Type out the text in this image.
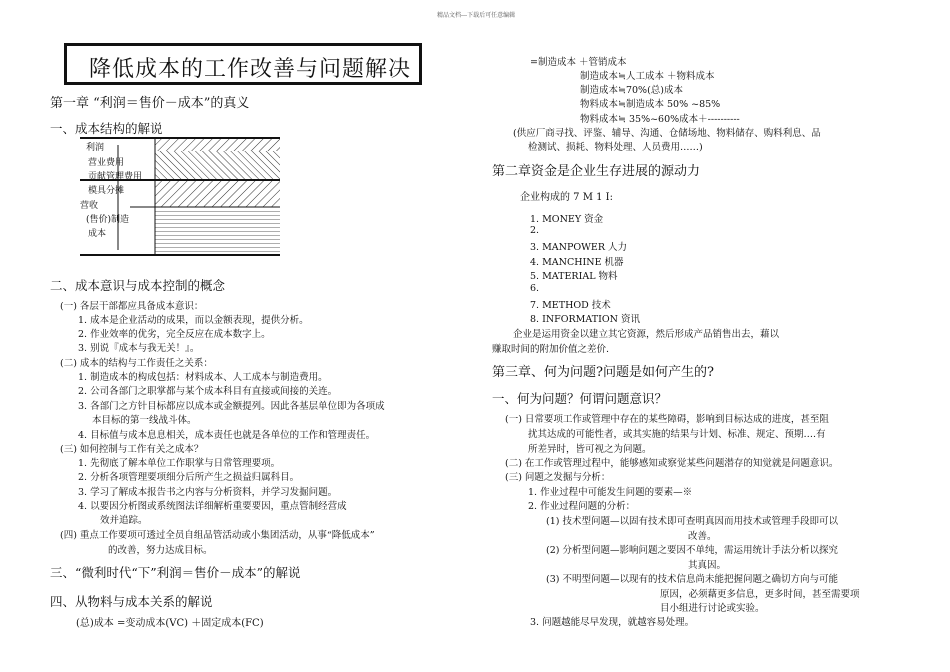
精品文档---下载后可任意编辑
降低成本的工作改善与问题解决
第一章 “利润＝售价－成本”的真义
一、成本结构的解说
利润
营业费用
贡献管理费用
模具分摊
营收
(售价)制造
成本
二、成本意识与成本控制的概念
(一) 各层干部都应具备成本意识：
1. 成本是企业活动的成果，而以金额表现，提供分析。
2. 作业效率的优劣，完全反应在成本数字上。
3. 别说『成本与我无关！』。
(二) 成本的结构与工作责任之关系：
1. 制造成本的构成包括：材料成本、人工成本与制造费用。
2. 公司各部门之职掌都与某个成本科目有直接或间接的关连。
3. 各部门之方针目标都应以成本或金额提列。因此各基层单位即为各项成
本目标的第一线战斗体。
4. 目标值与成本息息相关，成本责任也就是各单位的工作和管理责任。
(三) 如何控制与工作有关之成本？
1. 先彻底了解本单位工作职掌与日常管理要项。
2. 分析各项管理要项细分后所产生之损益归属科目。
3. 学习了解成本报告书之内容与分析资料，并学习发掘问题。
4. 以要因分析图或系统图法详细解析重要要因，重点管制经营成
效并追踪。
(四) 重点工作要项可透过全员自组品管活动或小集团活动，从事“降低成本”
的改善，努力达成目标。
三、“微利时代“下”利润＝售价－成本”的解说
四、从物料与成本关系的解说
(总)成本 =变动成本(VC) ＋固定成本(FC)
=制造成本 ＋管销成本
制造成本≒人工成本 ＋物料成本
制造成本≒70%(总)成本
物料成本≒制造成本 50% ~85%
物料成本≒ 35%~60%成本＋----------
(供应厂商寻找、评鉴、辅导、沟通、仓储场地、物料储存、购料利息、品
检测试、损耗、物料处理、人员费用……)
第二章资金是企业生存进展的源动力
企业构成的 7 M 1 I:
1. MONEY 资金
2.
3. MANPOWER 人力
4. MANCHINE 机器
5. MATERIAL 物料
6.
7. METHOD 技术
8. INFORMATION 资讯
企业是运用资金以建立其它资源，然后形成产品销售出去，藉以
赚取时间的附加价值之差价.
第三章、何为问题?问题是如何产生的?
一、何为问题？何谓问题意识？
(一) 日常要项工作或管理中存在的某些障碍，影响到目标达成的进度，甚至阻
扰其达成的可能性者，或其实施的结果与计划、标准、规定、预期….有
所差异时，皆可视之为问题。
(二) 在工作或管理过程中，能够感知或察觉某些问题潜存的知觉就是问题意识。
(三) 问题之发掘与分析：
1. 作业过程中可能发生问题的要素—※
2. 作业过程问题的分析：
(1) 技术型问题—以固有技术即可查明真因而用技术或管理手段即可以
改善。
(2) 分析型问题—影响问题之要因不单纯，需运用统计手法分析以探究
其真因。
(3) 不明型问题—以现有的技术信息尚未能把握问题之确切方向与可能
原因，必须藉更多信息，更多时间，甚至需要项
目小组进行讨论或实验。
3. 问题越能尽早发现，就越容易处理。
